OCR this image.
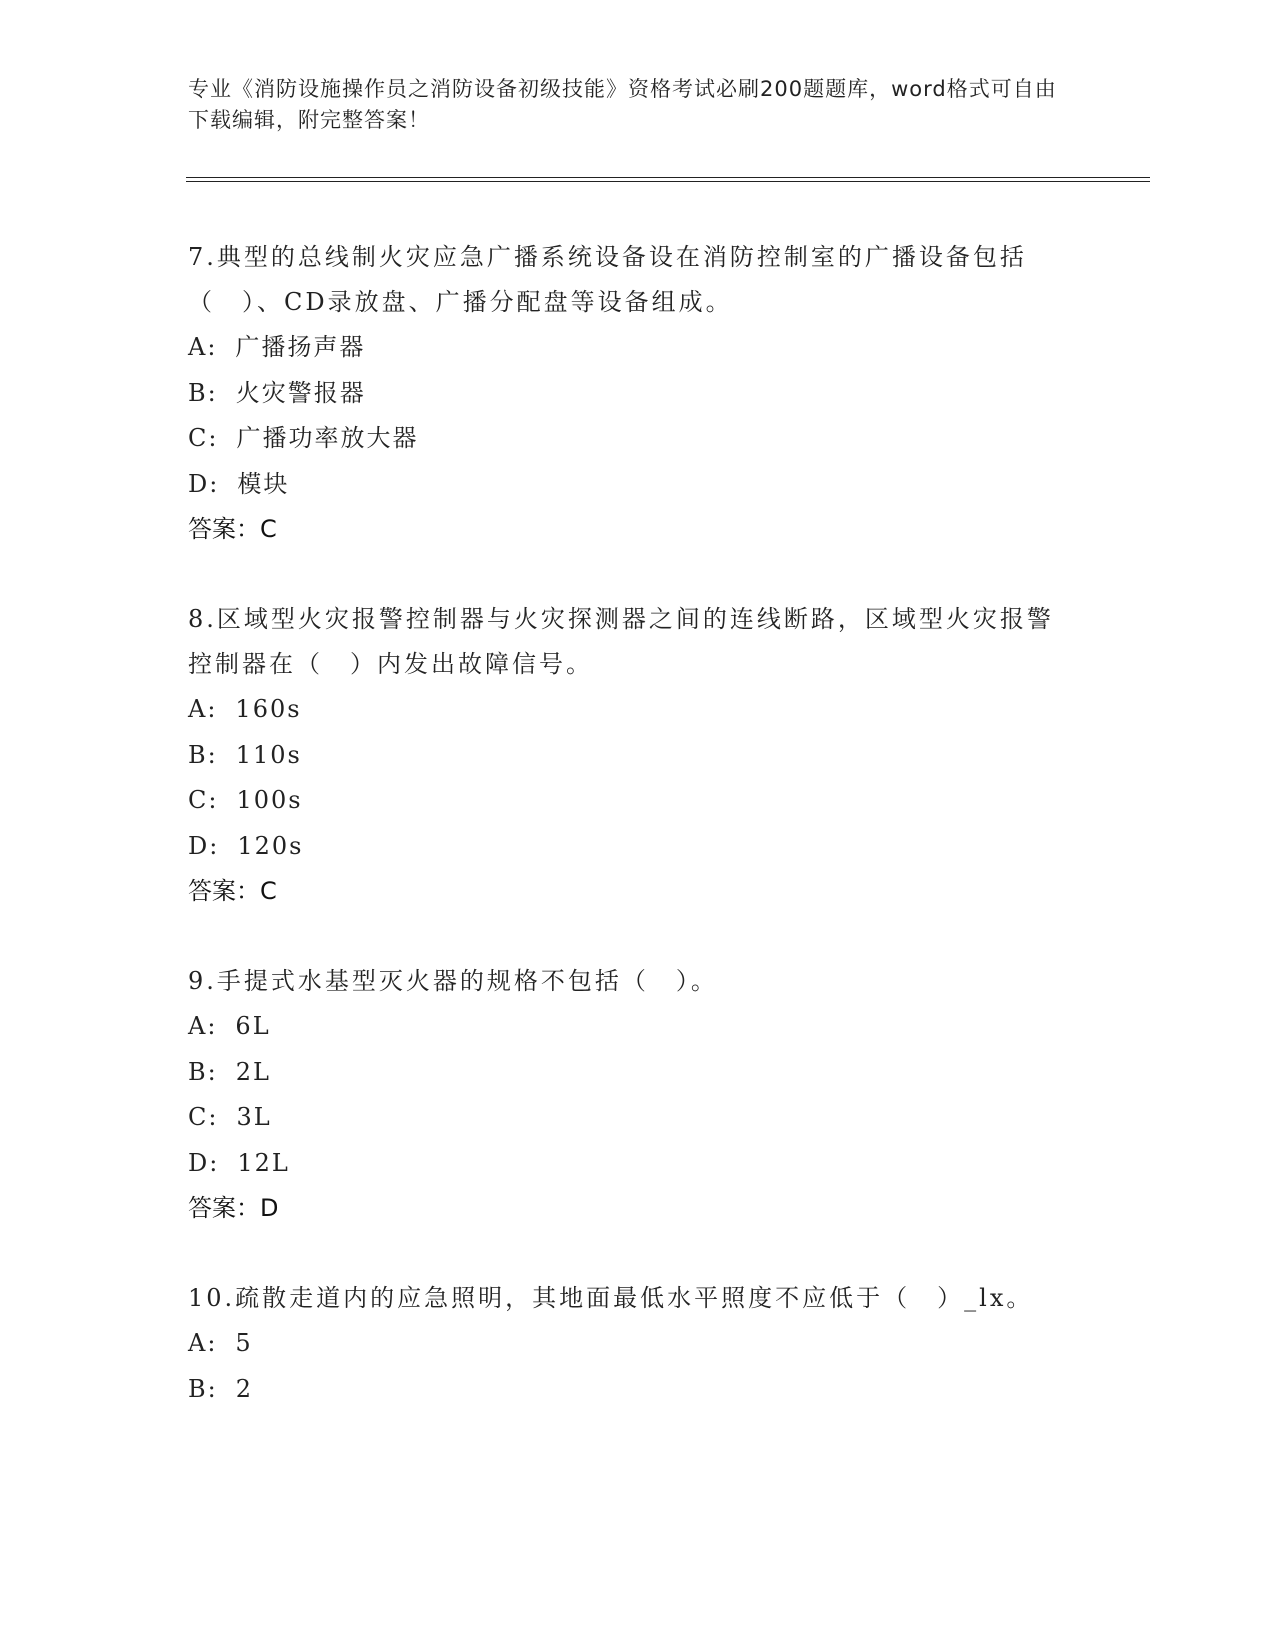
专业《消防设施操作员之消防设备初级技能》资格考试必刷200题题库，word格式可自由下载编辑，附完整答案！

7.典型的总线制火灾应急广播系统设备设在消防控制室的广播设备包括（　）、CD录放盘、广播分配盘等设备组成。

A: 广播扬声器

B: 火灾警报器

C: 广播功率放大器

D: 模块

答案：C

8.区域型火灾报警控制器与火灾探测器之间的连线断路，区域型火灾报警控制器在（　）内发出故障信号。

A: 160s

B: 110s

C: 100s

D: 120s

答案：C

9.手提式水基型灭火器的规格不包括（　）。

A: 6L

B: 2L

C: 3L

D: 12L

答案：D

10.疏散走道内的应急照明，其地面最低水平照度不应低于（　）_lx。

A: 5

B: 2
